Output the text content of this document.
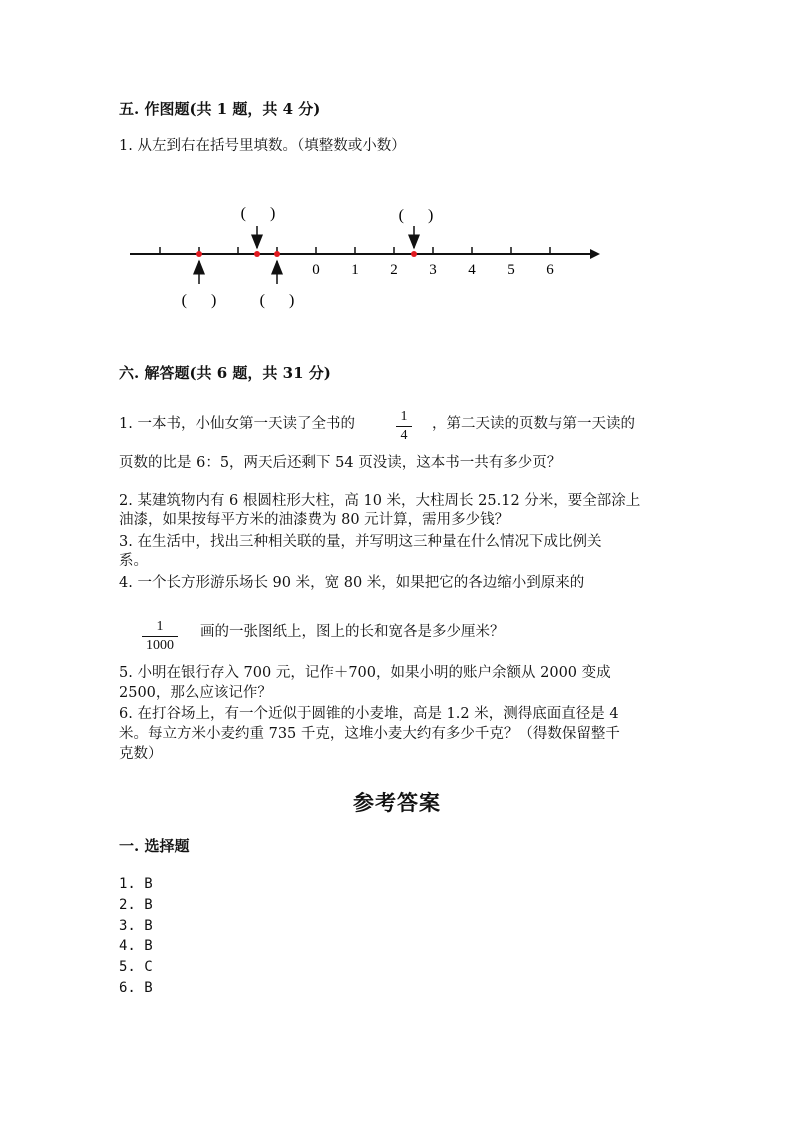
五. 作图题(共 1 题，共 4 分)
1. 从左到右在括号里填数。（填整数或小数）
0 1 2 3 4 5 6
(      )	(      )
(      )	(      )
六. 解答题(共 6 题，共 31 分)
1. 一本书，小仙女第一天读了全书的	1
4
，第二天读的页数与第一天读的
页数的比是 6：5，两天后还剩下 54 页没读，这本书一共有多少页？
2. 某建筑物内有 6 根圆柱形大柱，高 10 米，大柱周长 25.12 分米，要全部涂上
油漆，如果按每平方米的油漆费为 80 元计算，需用多少钱？
3. 在生活中，找出三种相关联的量，并写明这三种量在什么情况下成比例关
系。
4. 一个长方形游乐场长 90 米，宽 80 米，如果把它的各边缩小到原来的
1
1000
画的一张图纸上，图上的长和宽各是多少厘米？
5. 小明在银行存入 700 元，记作＋700，如果小明的账户余额从 2000 变成
2500，那么应该记作？
6. 在打谷场上，有一个近似于圆锥的小麦堆，高是 1.2 米，测得底面直径是 4
米。每立方米小麦约重 735 千克，这堆小麦大约有多少千克？（得数保留整千
克数）
参考答案
一. 选择题
1. B
2. B
3. B
4. B
5. C
6. B
